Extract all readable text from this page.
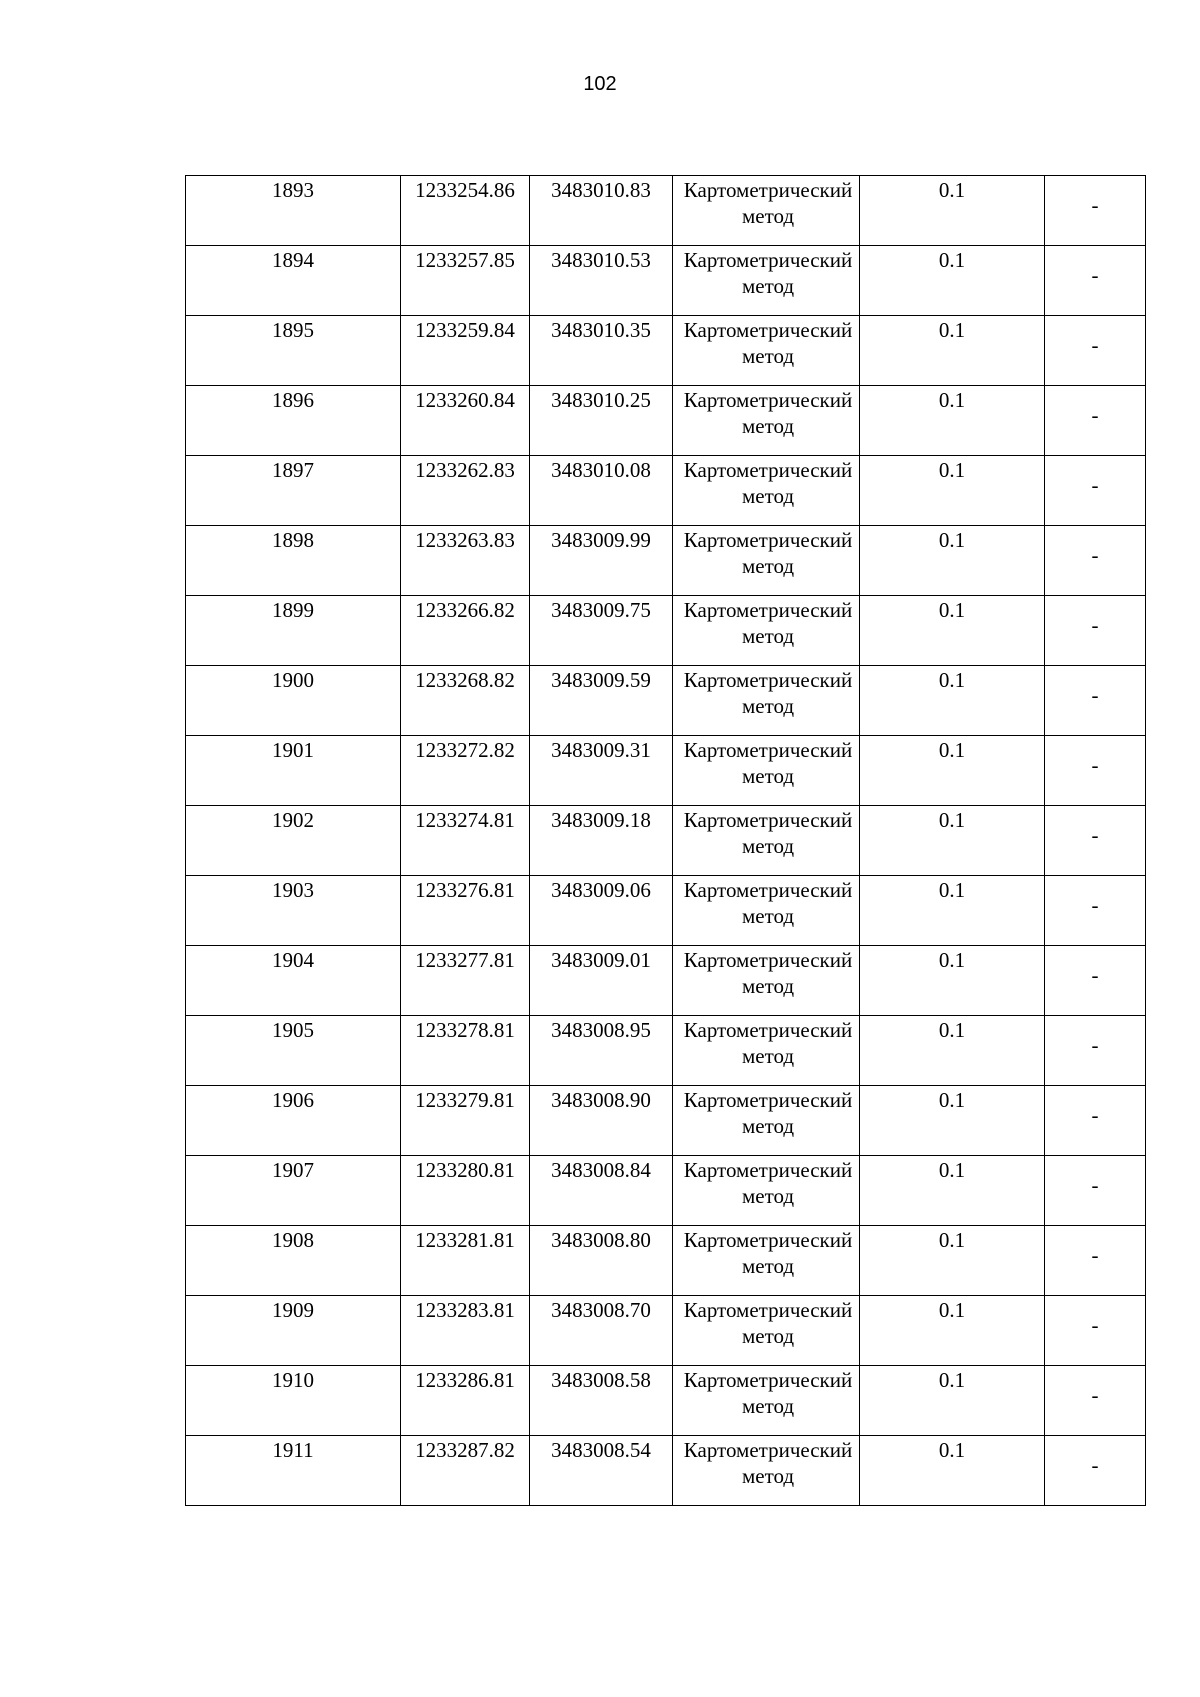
102
1893	1233254.86	3483010.83	Картометрический метод	0.1	-
1894	1233257.85	3483010.53	Картометрический метод	0.1	-
1895	1233259.84	3483010.35	Картометрический метод	0.1	-
1896	1233260.84	3483010.25	Картометрический метод	0.1	-
1897	1233262.83	3483010.08	Картометрический метод	0.1	-
1898	1233263.83	3483009.99	Картометрический метод	0.1	-
1899	1233266.82	3483009.75	Картометрический метод	0.1	-
1900	1233268.82	3483009.59	Картометрический метод	0.1	-
1901	1233272.82	3483009.31	Картометрический метод	0.1	-
1902	1233274.81	3483009.18	Картометрический метод	0.1	-
1903	1233276.81	3483009.06	Картометрический метод	0.1	-
1904	1233277.81	3483009.01	Картометрический метод	0.1	-
1905	1233278.81	3483008.95	Картометрический метод	0.1	-
1906	1233279.81	3483008.90	Картометрический метод	0.1	-
1907	1233280.81	3483008.84	Картометрический метод	0.1	-
1908	1233281.81	3483008.80	Картометрический метод	0.1	-
1909	1233283.81	3483008.70	Картометрический метод	0.1	-
1910	1233286.81	3483008.58	Картометрический метод	0.1	-
1911	1233287.82	3483008.54	Картометрический метод	0.1	-
